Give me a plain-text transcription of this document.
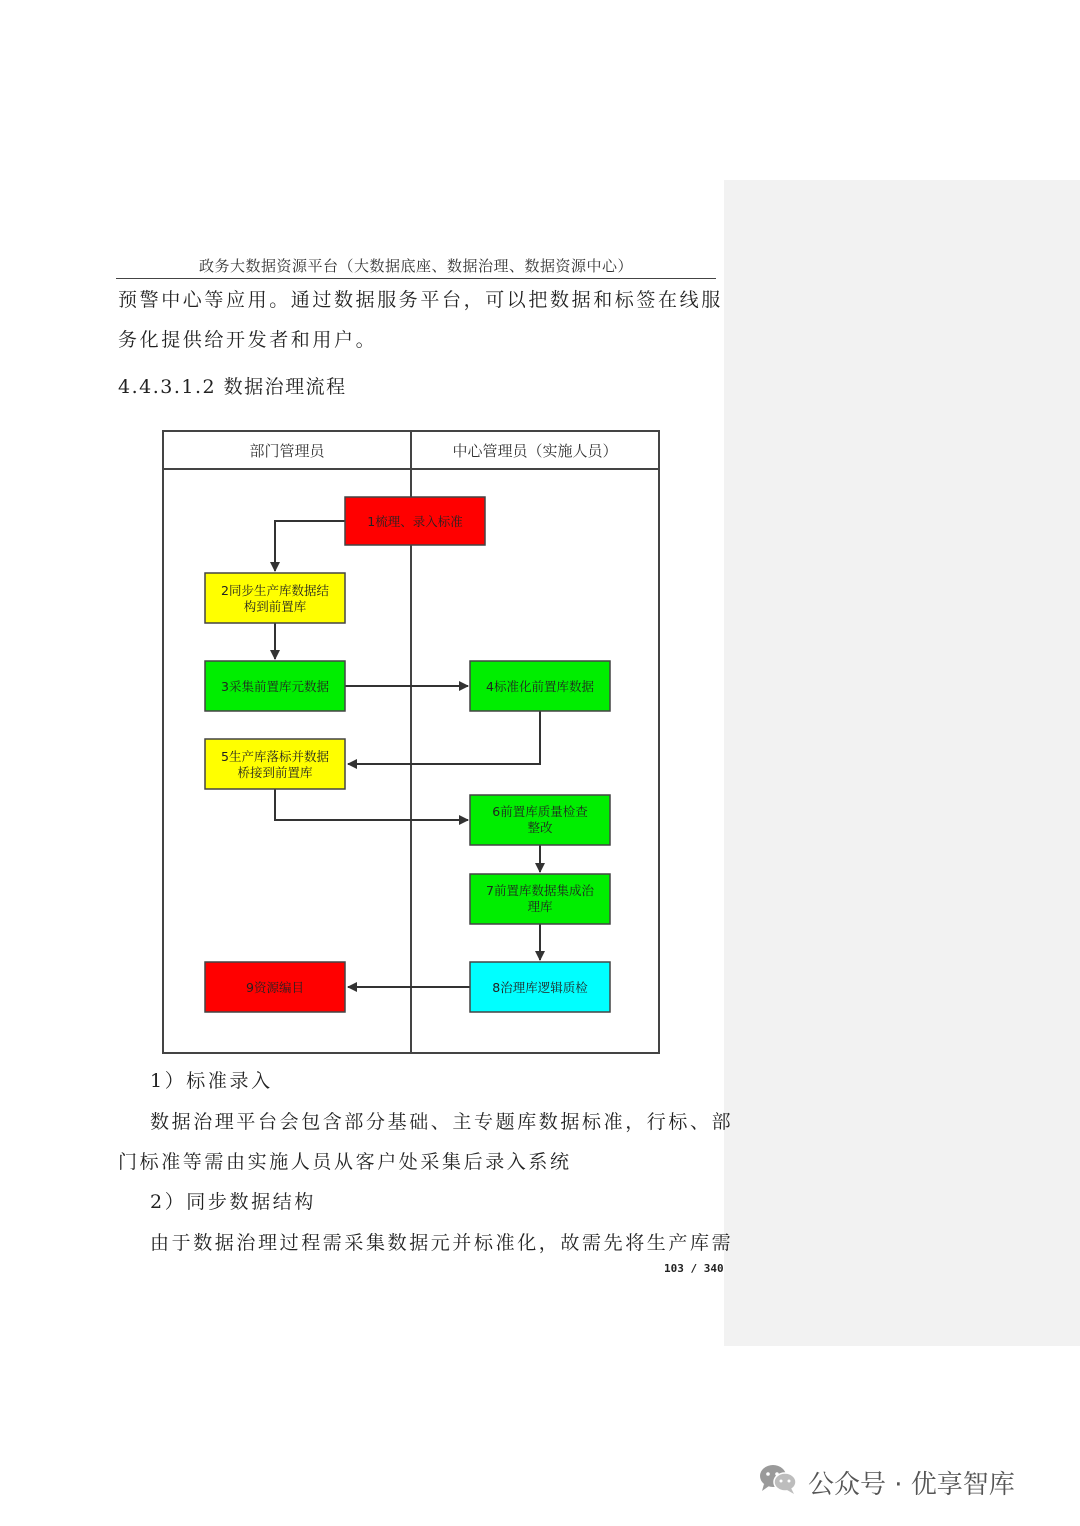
政务大数据资源平台（大数据底座、数据治理、数据资源中心）
预警中心等应用。通过数据服务平台，可以把数据和标签在线服
务化提供给开发者和用户。
4.4.3.1.2 数据治理流程
部门管理员	中心管理员（实施人员）
1梳理、录入标准
2同步生产库数据结
构到前置库
3采集前置库元数据	4标准化前置库数据
5生产库落标并数据
桥接到前置库
6前置库质量检查
整改
7前置库数据集成治
理库
8治理库逻辑质检
9资源编目
1）标准录入
数据治理平台会包含部分基础、主专题库数据标准，行标、部
门标准等需由实施人员从客户处采集后录入系统
2）同步数据结构
由于数据治理过程需采集数据元并标准化，故需先将生产库需
103 / 340
公众号 · 优享智库
